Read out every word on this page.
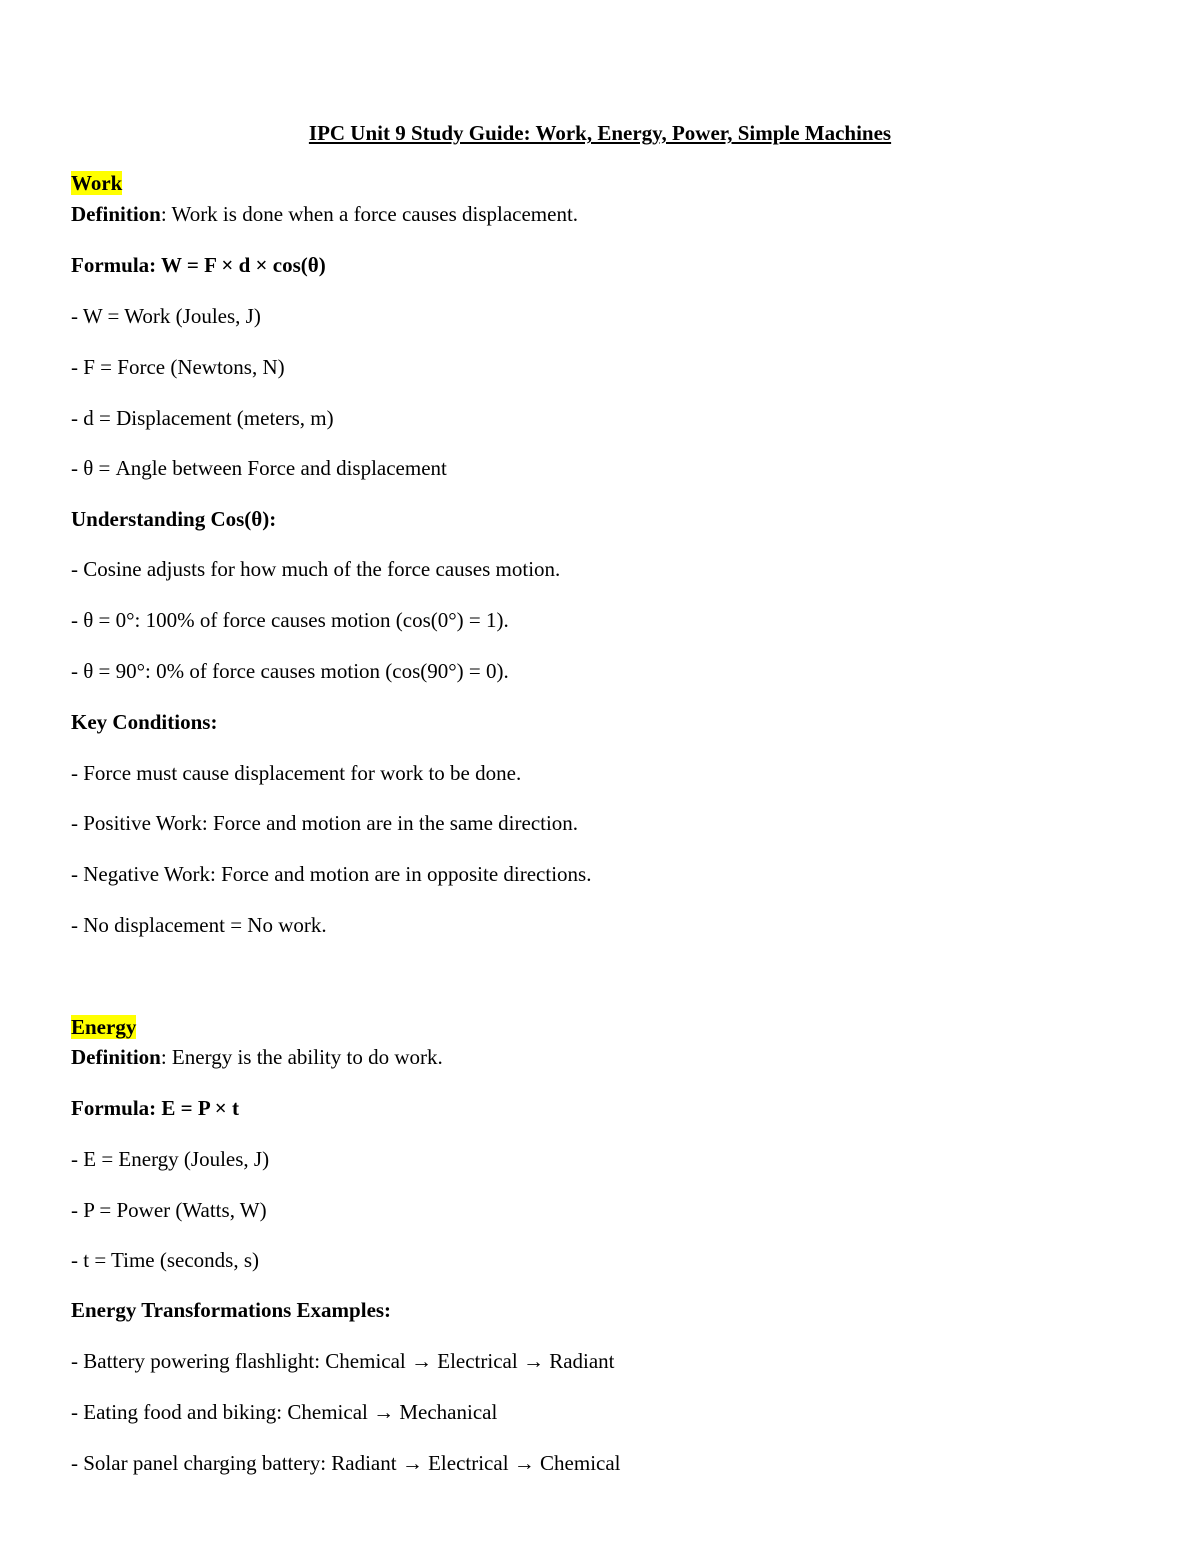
IPC Unit 9 Study Guide: Work, Energy, Power, Simple Machines
Work
Definition: Work is done when a force causes displacement.
Formula: W = F × d × cos(θ)
- W = Work (Joules, J)
- F = Force (Newtons, N)
- d = Displacement (meters, m)
- θ = Angle between Force and displacement
Understanding Cos(θ):
- Cosine adjusts for how much of the force causes motion.
- θ = 0°: 100% of force causes motion (cos(0°) = 1).
- θ = 90°: 0% of force causes motion (cos(90°) = 0).
Key Conditions:
- Force must cause displacement for work to be done.
- Positive Work: Force and motion are in the same direction.
- Negative Work: Force and motion are in opposite directions.
- No displacement = No work.
Energy
Definition: Energy is the ability to do work.
Formula: E = P × t
- E = Energy (Joules, J)
- P = Power (Watts, W)
- t = Time (seconds, s)
Energy Transformations Examples:
- Battery powering flashlight: Chemical → Electrical → Radiant
- Eating food and biking: Chemical → Mechanical
- Solar panel charging battery: Radiant → Electrical → Chemical
